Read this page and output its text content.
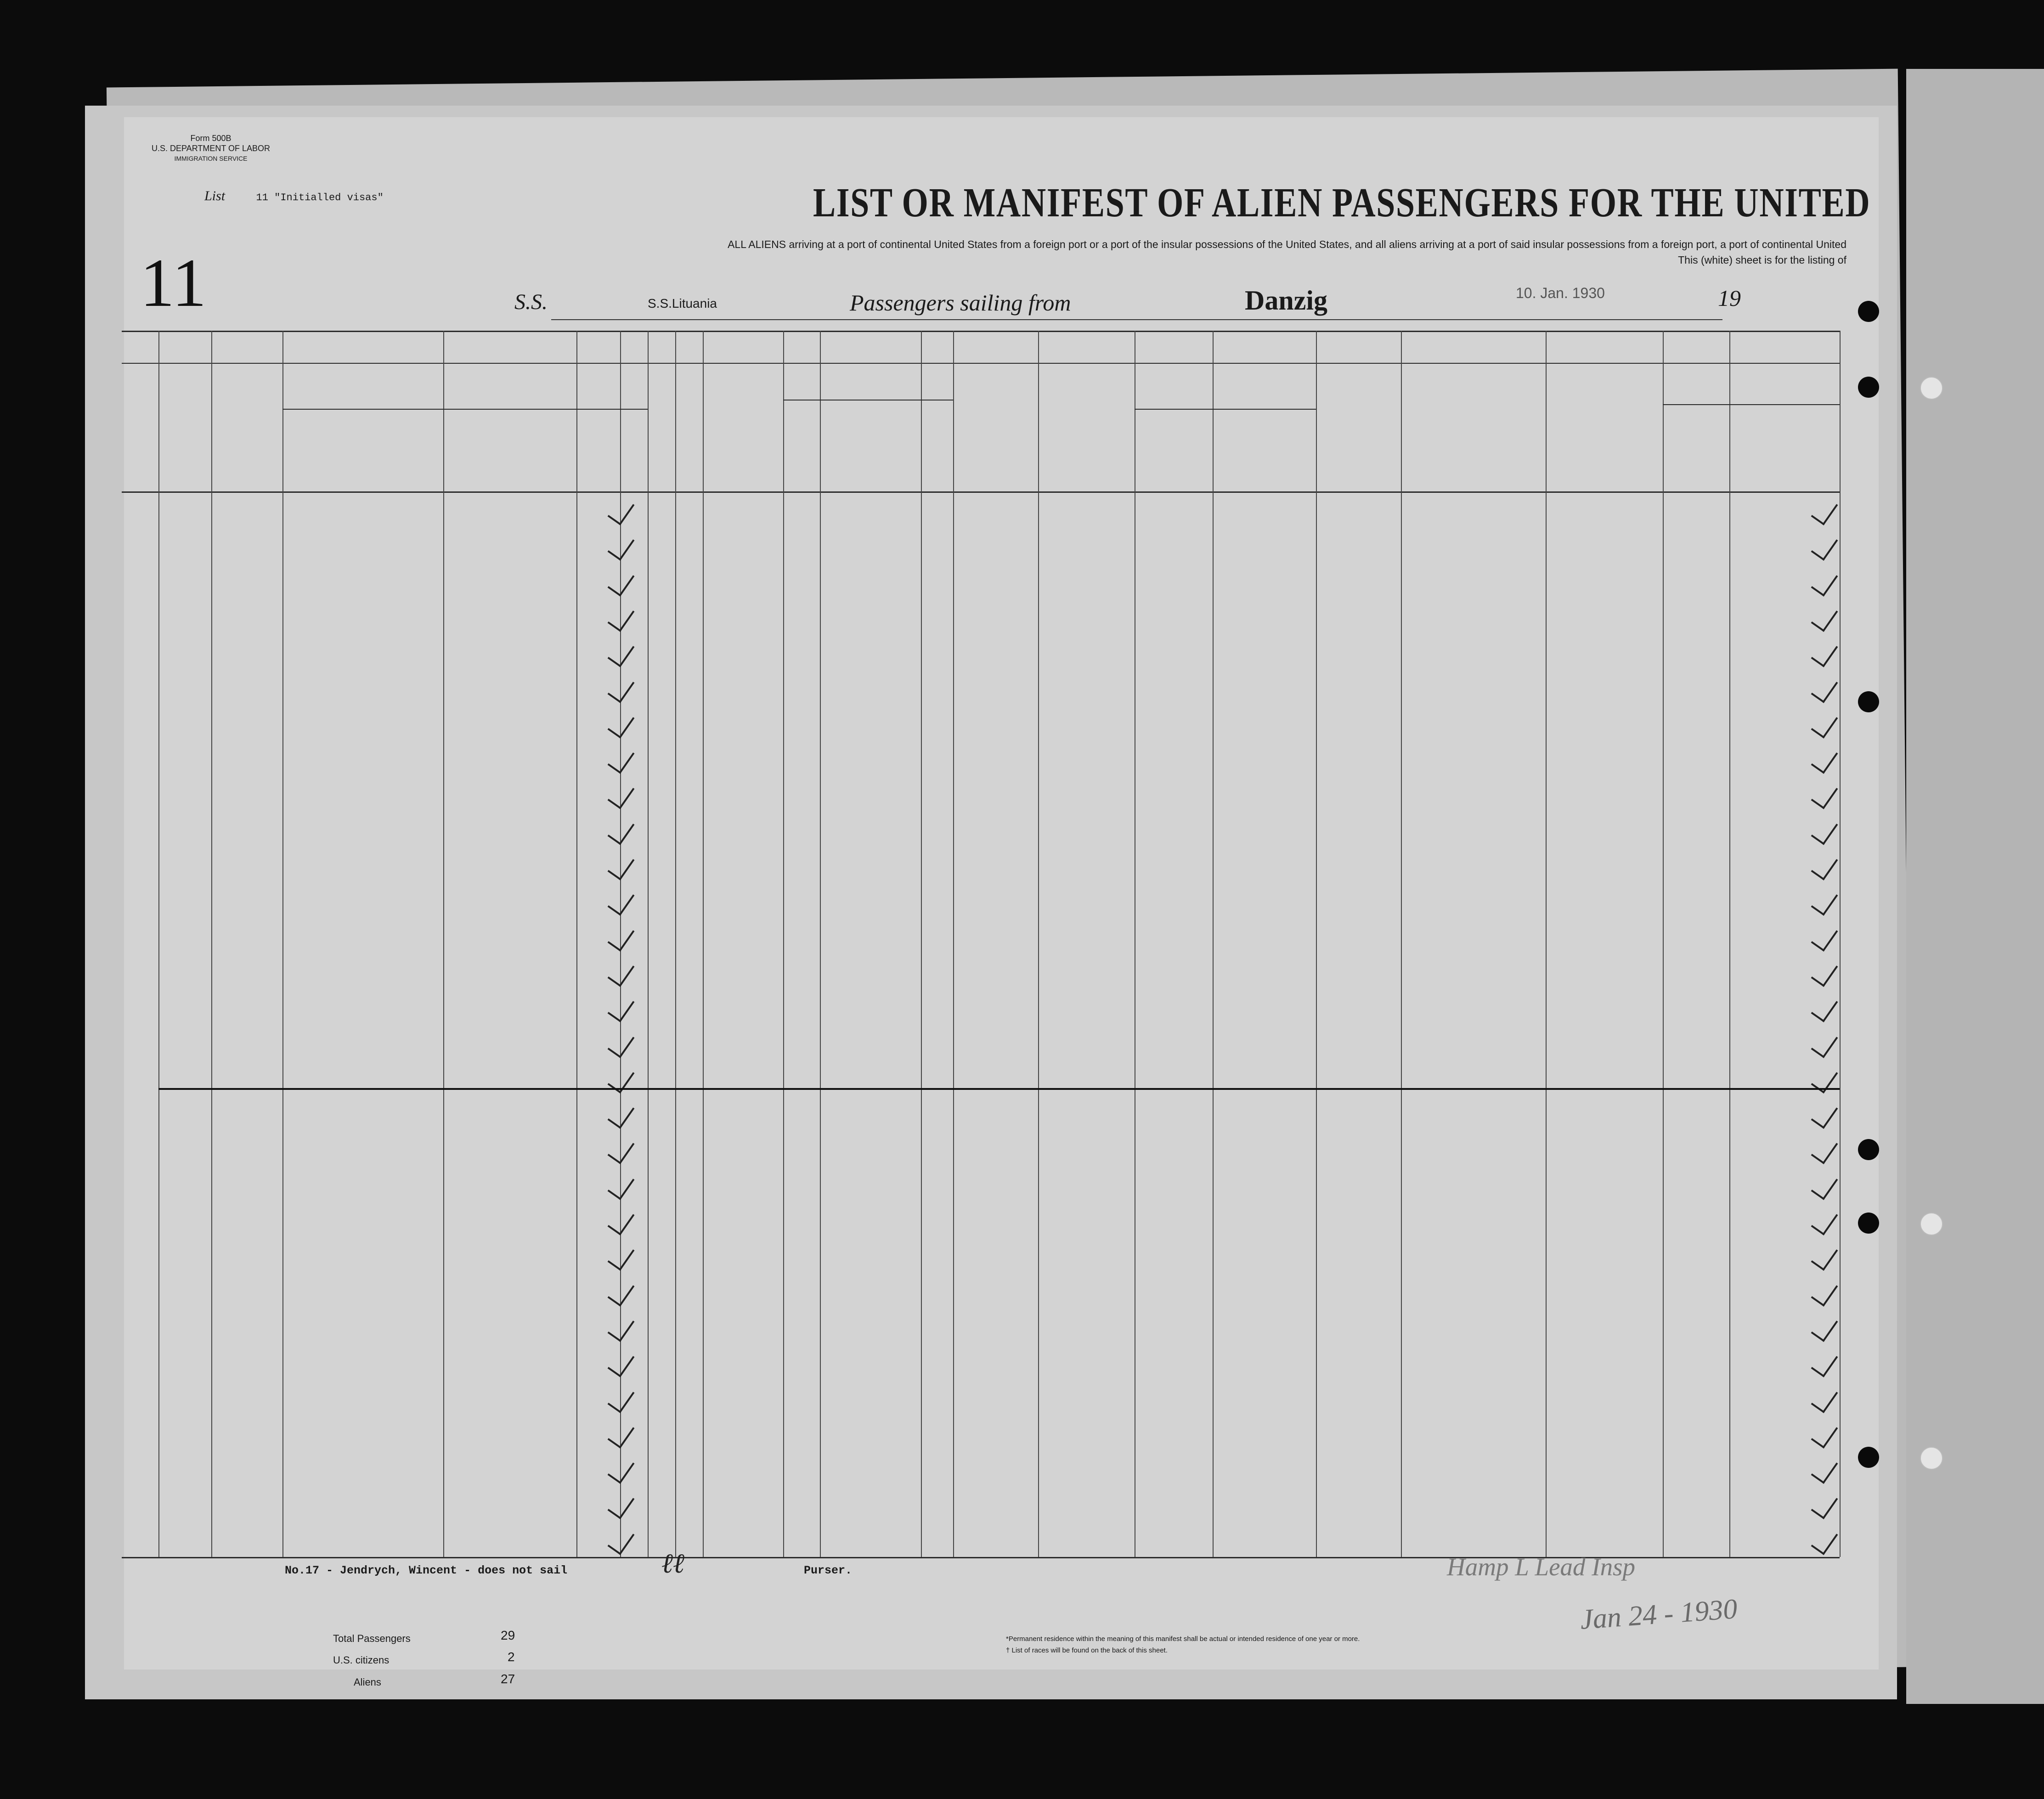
Form 500B
U.S. DEPARTMENT OF LABOR
IMMIGRATION SERVICE
List	11 "Initialled visas"
11
LIST OR MANIFEST OF ALIEN PASSENGERS FOR THE UNITED
ALL ALIENS arriving at a port of continental United States from a foreign port or a port of the insular possessions of the United States, and all aliens arriving at a port of said insular possessions from a foreign port, a port of continental United
This (white) sheet is for the listing of
S.S.	S.S.Lituania	Passengers sailing from	Danzig	10. Jan. 1930	19
No.17 - Jendrych, Wincent - does not sail	Purser.
ℓℓ
Total Passengers	29
U.S. citizens	2
Aliens	27
*Permanent residence within the meaning of this manifest shall be actual or intended residence of one year or more.
† List of races will be found on the back of this sheet.
Jan 24 - 1930
Hamp L Lead Insp
